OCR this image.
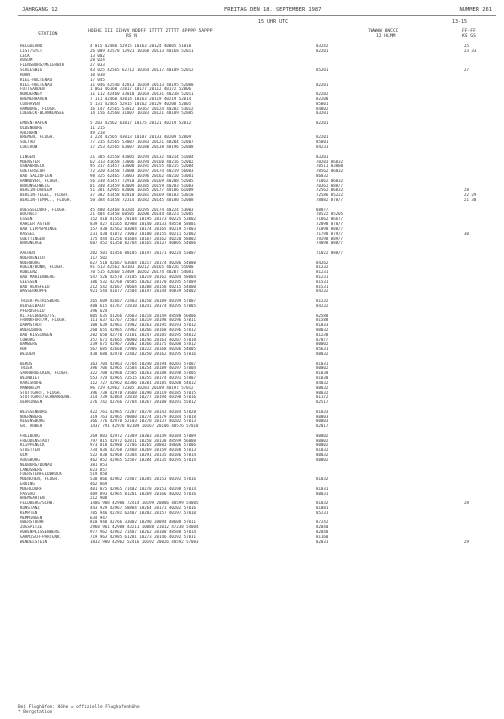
JAHRGANG 12	FREITAG DEN 18. SEPTEMBER 1987	NUMMER 261
15 UHR UTC	13-15
STATION
HOEHE III IIHVV NDDFF 1TTTT 2TTTT 4PPPP 5APPP
RS N
7WWWW 8NCCC
12 HLMM
FF-FF
KS GS
HELGOLAND	4 015 42480 52915 10163 20124 40005 51010	83242	25
LIST/SYLT	26 009 42570 12921 10160 20113 40168 52011	82201	23 33
LECK	13 002
HUSUM	28 024
FLENSBURG/MEIERWIK	27 033
SCHLESWIG	43 025 42565 62712 10164 20117 40189 52012	85201	27
HOHN	10 038
KIEL-HOLTENAU	17 045
KIEL-HOLTENAU	31 046 42540 42813 10169 20113 40195 52008	82201
FUTTGARDEN	1 063 46160 72817 10177 20112 40172 52006
NORDERNEY	11 112 42460 33018 10164 20131 40238 52011	82202
BREMERHAVEN	7 111 42460 43014 10163 20119 40219 52014	82200
CUXHAVEN	5 131 42465 52915 10162 20129 40208 52005	85801
HAMBURG, FLUGH.	16 147 42565 53012 10167 20124 40202 53012	84802
LUEBECK-BLANKENSEE	14 156 42560 31807 10183 20121 40189 52005	83201
EMDEN-HAFEN	5 203 42562 63017 10175 20121 40219 52012	82201
OLDENBURG	11 215
AHLHORN	49 218
BREMEN, FLUGH.	3 224 42565 43013 10187 20133 40209 52009	82201
SOLTAU	77 235 42565 53007 10183 20121 40204 52007	85801
LUECHOW	17 253 42565 63007 10180 20138 40196 52008	84231
LINGEN	21 305 42558 43005 10194 20132 40214 51004	83201
MUENSTER	62 313 41658 73006 10194 20160 40216 52002	70283 86832
OSNABRUECK	95 317 41457 33008 10191 20155 40215 52004	70511 83800
GUETERSLOH	72 320 41458 73008 10197 20174 40219 56003	70562 86832
BAD SALZUFLEN	98 325 42465 73003 10196 20162 40210 53001	86832
HANNOVER, FLUGH.	56 338 41457 72910 10186 20169 40208 52005	71062 86832
BRAUNSCHWEIG	81 348 41459 83009 10185 20159 40203 51003	70362 888//
BERLIN-DAHLEM	51 381 42965 83006 10185 20177 40186 61009	72562 86832	28
BERLIN-TEGEL, FLUGH.	37 382 41458 82810 10181 20169 40183 53010	72586 85222	22 29
BERLIN-TEMPL., FLUGH.	50 384 41458 72314 10182 20145 40180 52008	78082 878//	21 30
DUESSELDORF, FLUGH.	45 400 42468 83204 10195 20174 40224 53003	888//
BOCHOLT	21 404 41458 60505 10200 20144 40223 52005	70522 85205
ESSEN	152 410 41556 78104 10195 20173 40225 53002	71062 8667/
KAHLER ASTEN	839 427 41165 82908 10140 20133 48558 58001	72898 878//
BAD LIPPSPRINGE	157 430 42562 83004 10174 20165 40219 57003	71098 888//
KASSEL	231 438 41872 73003 10180 20155 40211 52002	71798 879//	30
GOETTINGEN	175 444 41256 81604 10167 20162 40220 58002	79298 889//
BRAUNLAGE	607 452 41350 82704 10165 20137 40005 54006	74098 888//
AACHEN	202 501 41456 80105 10197 20171 40224 53007	71022 888//
NOERVENICH	117 502
NUERBURG	627 510 42667 63604 10217 20174 40206 54000	84262
KOELN/BONN, FLUGH.	91 513 42562 83103 10212 20165 40226 55000	81232
KOBLENZ	70 515 42660 53409 10262 20174 40207 54001	81231
BAD MARIENBERG	547 526 42570 73105 10219 20162 40204 58004	81231
GIESSEN	186 532 42768 70505 10262 20170 40195 57009	81531
BAD HERSFELD	212 542 42667 70604 10208 20158 40215 54000	81531
WASSERKUPPE	921 544 41677 72504 10197 20144 40839 54002	84232
TRIER-PETRISBERG	265 609 42667 72403 10258 20189 40199 57007	81232
DEUSELBACH	480 615 41767 72810 10241 20174 40195 57005	84232
PFERDSFELD	396 624
KL.FELDBERG/TS.	805 635 41266 72603 10218 20149 48580 56006	82588
FRANKFURT/M, FLUGH.	111 637 42767 72503 10219 20198 40196 57011	81588
DARMSTADT	108 639 42961 71902 10263 20195 40193 57012	81033
WUERZBURG	268 655 42965 72902 10266 20168 40196 57012	80032
BAD KISSINGEN	282 658 42770 72101 10247 20185 40195 54012	81238
COBURG	357 671 42665 70000 10246 20163 40207 57010	878//
BAMBERG	239 675 42967 72002 10266 20175 40200 57012	80002
HOF	567 685 42668 72906 10222 20168 40206 54005	85631
WEIDEN	438 688 42970 72402 10250 20162 40195 57016	80032
BERUS	363 704 42963 72704 10240 20194 40201 57007	81031
TRIER	396 706 42965 72504 10254 20189 40197 57004	80002
SAARBRUECKEN, FLUGH.	322 708 42960 72505 10263 20188 40198 57005	81038
WEINBIET	553 724 42965 72515 10255 20174 40191 57007	81038
KARLSRUHE	112 727 42962 82306 10281 20185 40200 54012	84032
MANNHEIM	96 729 42962 72305 10283 20189 40197 57012	80032
STUTTGART, FLUGH.	396 738 42970 73608 10290 20119 40185 57015	80032
STUTTGART/SCHNARRENB.	314 739 42864 72810 10277 20194 40190 57016	81172
OEHRINGEN	276 742 42766 72704 10267 20180 40191 55012	82517
WEISSENBURG	422 761 42965 72207 10270 20143 40184 57020	81033
NUERNBERG	319 763 42965 70000 10274 20179 40184 57018	80003
REGENSBURG	366 776 42970 52103 10270 20137 40202 57013	80003
GR. ARBER	1437 791 42970 82109 10167 20106 48576 57018	82017
FREIBURG	269 803 42972 71309 10303 20149 40184 57009	80002
FREUDENSTADT	797 815 42972 62811 10258 20130 48599 56008	80002
KLIPPENECK	973 818 42980 72706 10265 20082 48606 57006	80002
STOETTEN	734 836 42768 72408 10269 20159 40188 57013	81032
ULM	522 838 42968 72304 10291 20135 40186 57014	80032
AUGSBURG	462 852 42965 52507 10284 20135 40195 57014	80002
NEUBURG/DONAU	381 853
LANDSBERG	623 857
FUERSTENFELDBRUCK	519 858
MUENCHEN, FLUGH.	530 866 42962 72407 10285 20153 40192 57016	81032
ERDING	462 869
MUEHLDORF	401 875 42965 71402 10270 20153 40198 57014	81031
PASSAU	409 893 42965 81201 10269 20166 40202 57016	80031
BREMGARTEN	212 908
FELDBERG/SCHW.	1486 908 42980 72414 10199 20086 48599 54005	81032	28
KONSTANZ	443 929 42967 50804 10264 20171 40202 57016	81081
KEMPTEN	705 946 42781 62407 10282 20157 40197 57010	85231
MEMMINGEN	634 947
OBERSTDORF	810 948 42766 33002 10290 20094 48608 57011	87242
ZUGSPITZE	2960 961 42988 43211 10088 21012 47238 54004	82040
HOHENPEISSENBERG	977 962 42962 71407 10262 20100 48588 57014	82040
GARMISCH-PARTENK.	719 963 42985 61201 10273 20146 40192 57011	81160
WENDELSTEIN	1832 980 42962 52416 10192 20026 48592 57003	82031	29
Bei Flughäfen: Höhe = offizielle Flughafenhöhe
* Bergstation
